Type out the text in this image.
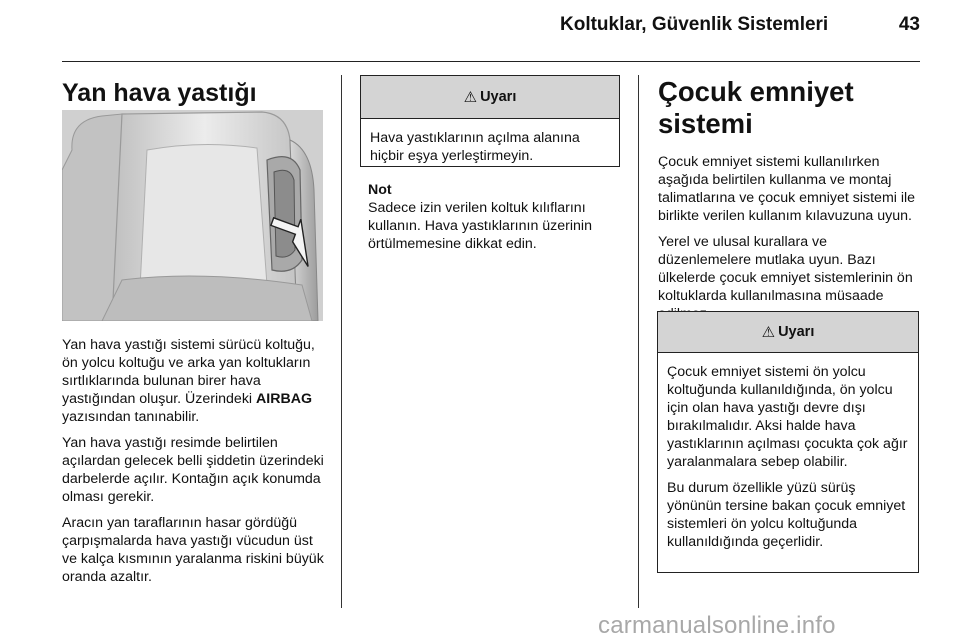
Koltuklar, Güvenlik Sistemleri	43
Yan hava yastığı

Yan hava yastığı sistemi sürücü koltuğu, ön yolcu koltuğu ve arka yan koltukların sırtlıklarında bulunan birer hava yastığından oluşur. Üzerindeki AIRBAG yazısından tanınabilir.

Yan hava yastığı resimde belirtilen açılardan gelecek belli şiddetin üzerindeki darbelerde açılır. Kontağın açık konumda olması gerekir.

Aracın yan taraflarının hasar gördüğü çarpışmalarda hava yastığı vücudun üst ve kalça kısmının yaralanma riskini büyük oranda azaltır.

⚠ Uyarı

Hava yastıklarının açılma alanına hiçbir eşya yerleştirmeyin.

Not
Sadece izin verilen koltuk kılıflarını kullanın. Hava yastıklarının üzerinin örtülmemesine dikkat edin.
Çocuk emniyet sistemi

Çocuk emniyet sistemi kullanılırken aşağıda belirtilen kullanma ve montaj talimatlarına ve çocuk emniyet sistemi ile birlikte verilen kullanım kılavuzuna uyun.

Yerel ve ulusal kurallara ve düzenlemelere mutlaka uyun. Bazı ülkelerde çocuk emniyet sistemlerinin ön koltuklarda kullanılmasına müsaade

⚠ Uyarı

Çocuk emniyet sistemi ön yolcu koltuğunda kullanıldığında, ön yolcu için olan hava yastığı devre dışı bırakılmalıdır. Aksi halde hava yastıklarının açılması çocukta çok ağır yaralanmalara sebep olabilir.

Bu durum özellikle yüzü sürüş yönünün tersine bakan çocuk emniyet sistemleri ön yolcu koltuğunda kullanıldığında geçerlidir.

carmanualsonline.info
